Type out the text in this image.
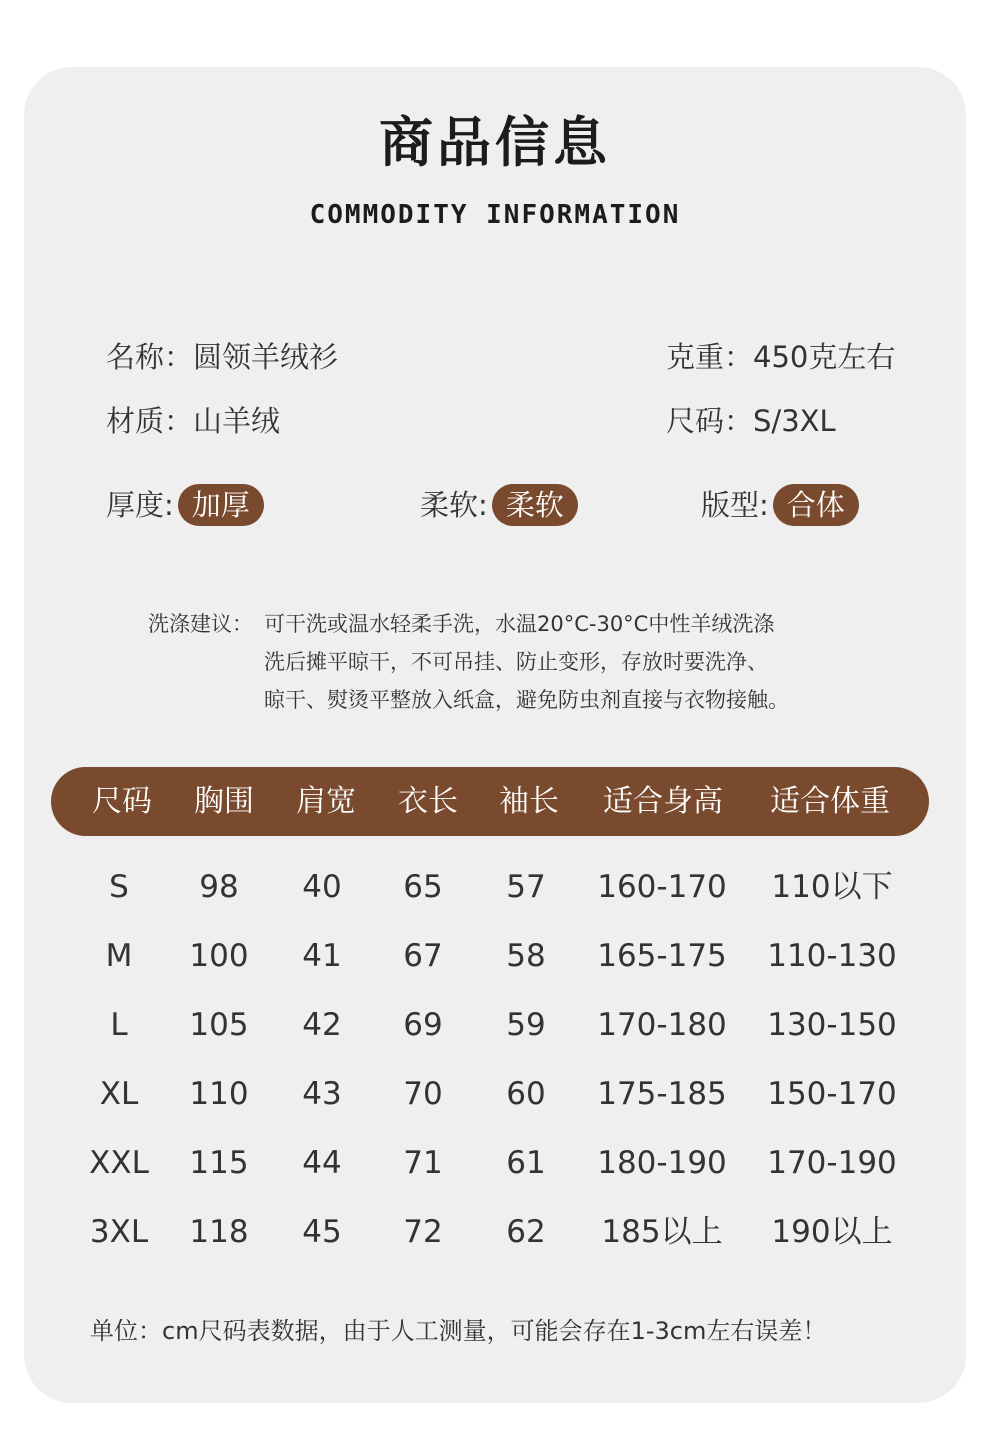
商品信息
COMMODITY INFORMATION
名称：圆领羊绒衫	克重：450克左右
材质：山羊绒	尺码：S/3XL
厚度: 加厚	柔软: 柔软	版型: 合体
洗涤建议： 可干洗或温水轻柔手洗，水温20°C-30°C中性羊绒洗涤
洗后摊平晾干，不可吊挂、防止变形，存放时要洗净、
晾干、熨烫平整放入纸盒，避免防虫剂直接与衣物接触。
尺码	胸围	肩宽	衣长	袖长	适合身高	适合体重
S	98	40	65	57	160-170	110以下
M	100	41	67	58	165-175	110-130
L	105	42	69	59	170-180	130-150
XL	110	43	70	60	175-185	150-170
XXL	115	44	71	61	180-190	170-190
3XL	118	45	72	62	185以上	190以上
单位：cm尺码表数据，由于人工测量，可能会存在1-3cm左右误差！
